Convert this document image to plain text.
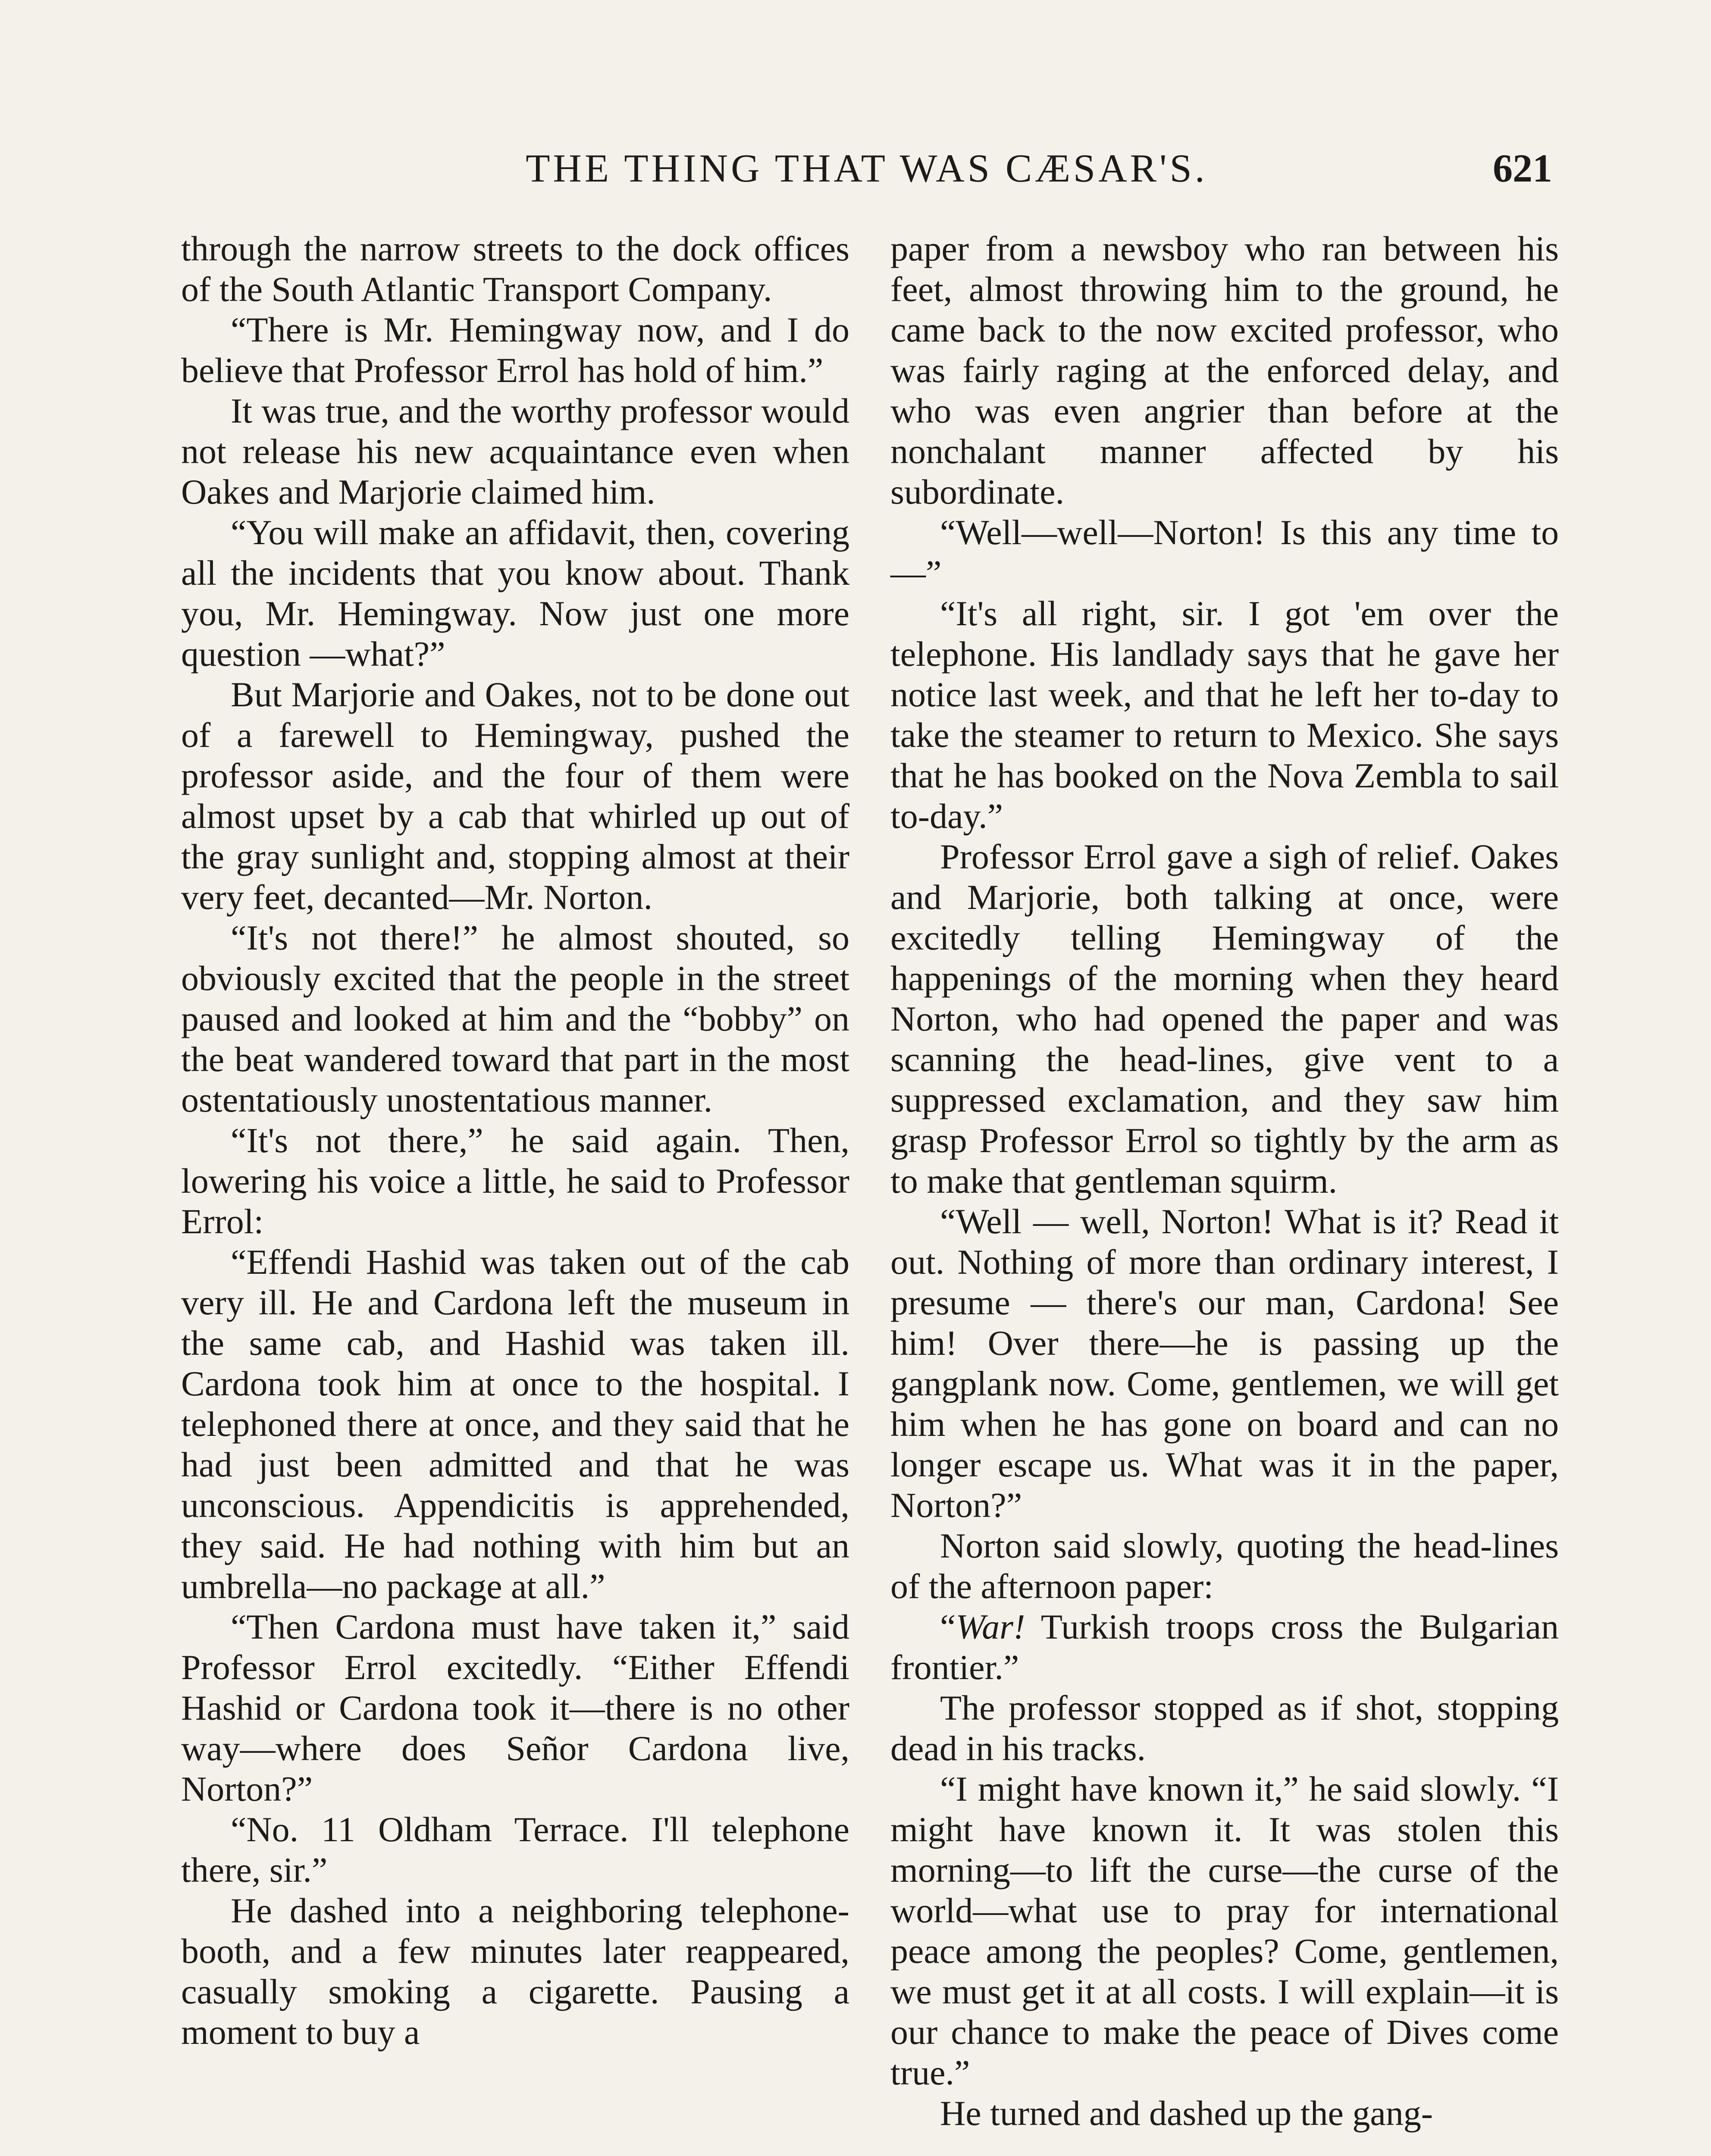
THE THING THAT WAS CÆSAR'S.	621

through the narrow streets to the dock offices of the South Atlantic Transport Company.

“There is Mr. Hemingway now, and I do believe that Professor Errol has hold of him.”

It was true, and the worthy professor would not release his new acquaintance even when Oakes and Marjorie claimed him.

“You will make an affidavit, then, covering all the incidents that you know about. Thank you, Mr. Hemingway. Now just one more question —what?”

But Marjorie and Oakes, not to be done out of a farewell to Hemingway, pushed the professor aside, and the four of them were almost upset by a cab that whirled up out of the gray sunlight and, stopping almost at their very feet, decanted—Mr. Norton.

“It's not there!” he almost shouted, so obviously excited that the people in the street paused and looked at him and the “bobby” on the beat wandered toward that part in the most ostentatiously unostentatious manner.

“It's not there,” he said again. Then, lowering his voice a little, he said to Professor Errol:

“Effendi Hashid was taken out of the cab very ill. He and Cardona left the museum in the same cab, and Hashid was taken ill. Cardona took him at once to the hospital. I telephoned there at once, and they said that he had just been admitted and that he was unconscious. Appendicitis is apprehended, they said. He had nothing with him but an umbrella—no package at all.”

“Then Cardona must have taken it,” said Professor Errol excitedly. “Either Effendi Hashid or Cardona took it—there is no other way—where does Señor Cardona live, Norton?”

“No. 11 Oldham Terrace. I'll telephone there, sir.”

He dashed into a neighboring telephone-booth, and a few minutes later reappeared, casually smoking a cigarette. Pausing a moment to buy a

paper from a newsboy who ran between his feet, almost throwing him to the ground, he came back to the now excited professor, who was fairly raging at the enforced delay, and who was even angrier than before at the nonchalant manner affected by his subordinate.

“Well—well—Norton! Is this any time to—”

“It's all right, sir. I got 'em over the telephone. His landlady says that he gave her notice last week, and that he left her to-day to take the steamer to return to Mexico. She says that he has booked on the Nova Zembla to sail to-day.”

Professor Errol gave a sigh of relief. Oakes and Marjorie, both talking at once, were excitedly telling Hemingway of the happenings of the morning when they heard Norton, who had opened the paper and was scanning the head-lines, give vent to a suppressed exclamation, and they saw him grasp Professor Errol so tightly by the arm as to make that gentleman squirm.

“Well — well, Norton! What is it? Read it out. Nothing of more than ordinary interest, I presume — there's our man, Cardona! See him! Over there—he is passing up the gangplank now. Come, gentlemen, we will get him when he has gone on board and can no longer escape us. What was it in the paper, Norton?”

Norton said slowly, quoting the head-lines of the afternoon paper:

“War! Turkish troops cross the Bulgarian frontier.”

The professor stopped as if shot, stopping dead in his tracks.

“I might have known it,” he said slowly. “I might have known it. It was stolen this morning—to lift the curse—the curse of the world—what use to pray for international peace among the peoples? Come, gentlemen, we must get it at all costs. I will explain—it is our chance to make the peace of Dives come true.”

He turned and dashed up the gang-
